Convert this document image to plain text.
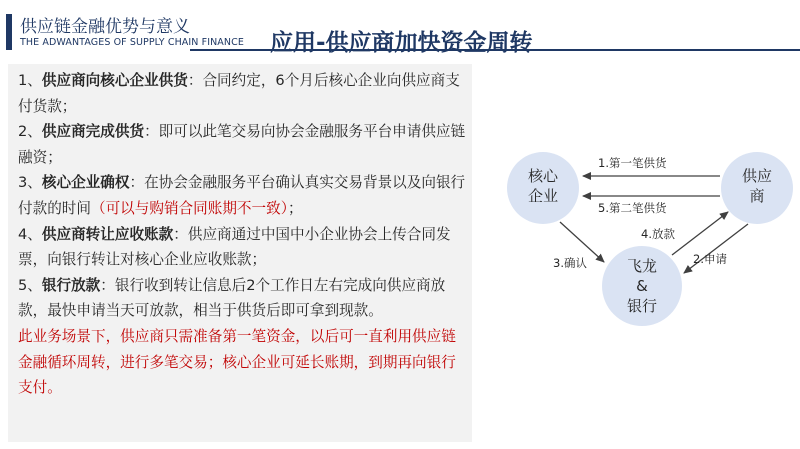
供应链金融优势与意义
THE ADWANTAGES OF SUPPLY CHAIN FINANCE 应用-供应商加快资金周转

1、供应商向核心企业供货：合同约定，6个月后核心企业向供应商支付货款；

2、供应商完成供货：即可以此笔交易向协会金融服务平台申请供应链融资；

3、核心企业确权：在协会金融服务平台确认真实交易背景以及向银行付款的时间（可以与购销合同账期不一致）；

4、供应商转让应收账款：供应商通过中国中小企业协会上传合同发票，向银行转让对核心企业应收账款；

5、银行放款：银行收到转让信息后2个工作日左右完成向供应商放款，最快申请当天可放款，相当于供货后即可拿到现款。

此业务场景下，供应商只需准备第一笔资金，以后可一直利用供应链金融循环周转，进行多笔交易；核心企业可延长账期，到期再向银行支付。

核心
企业
供应
商
飞龙
&
银行
1.第一笔供货
5.第二笔供货
4.放款
2.申请
3.确认
